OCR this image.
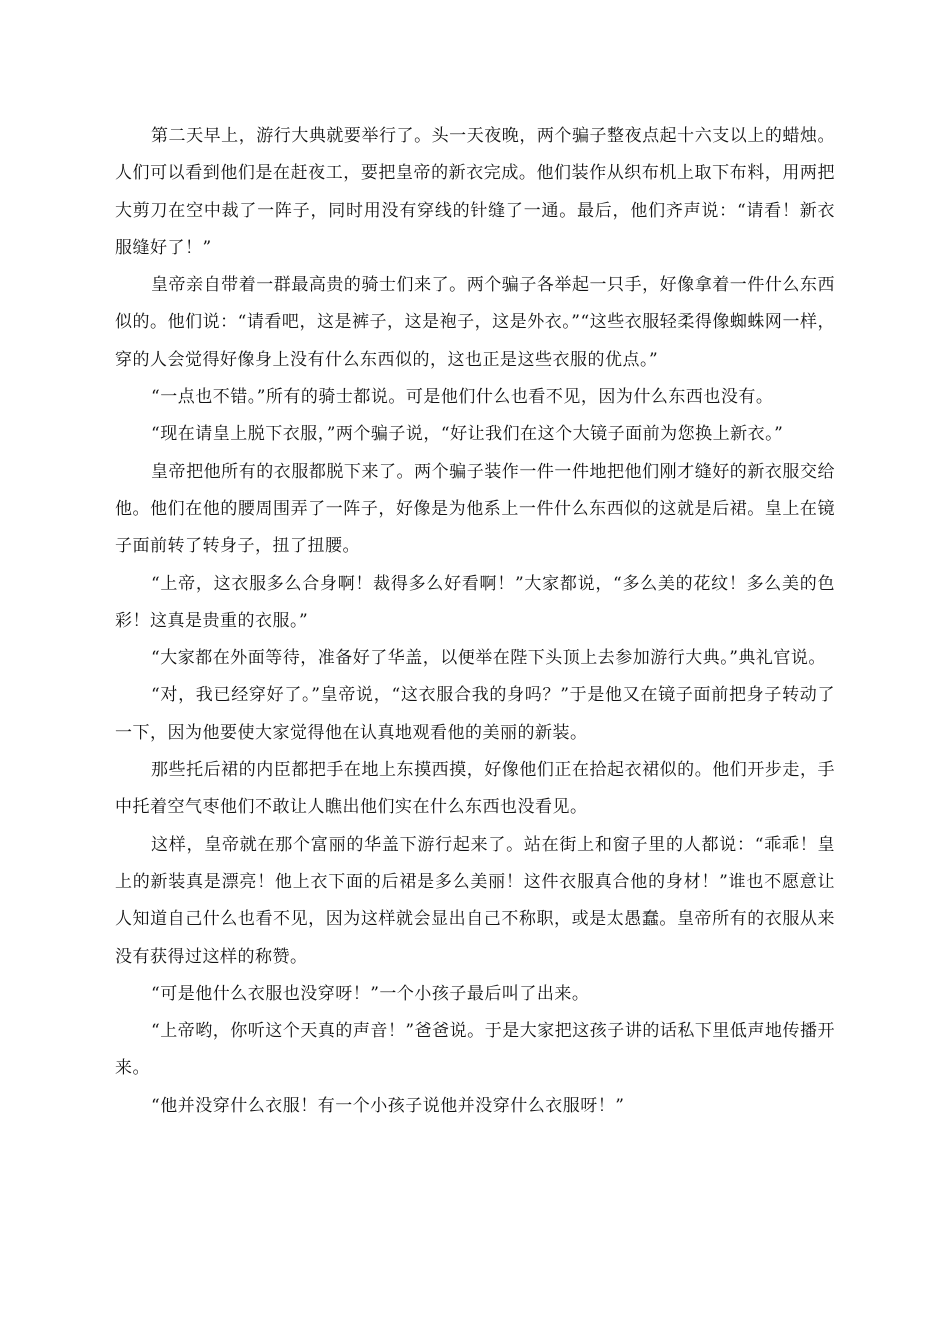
第二天早上，游行大典就要举行了。头一天夜晚，两个骗子整夜点起十六支以上的蜡烛。人们可以看到他们是在赶夜工，要把皇帝的新衣完成。他们装作从织布机上取下布料，用两把大剪刀在空中裁了一阵子，同时用没有穿线的针缝了一通。最后，他们齐声说：“请看！新衣服缝好了！”

皇帝亲自带着一群最高贵的骑士们来了。两个骗子各举起一只手，好像拿着一件什么东西似的。他们说：“请看吧，这是裤子，这是袍子，这是外衣。”“这些衣服轻柔得像蜘蛛网一样，穿的人会觉得好像身上没有什么东西似的，这也正是这些衣服的优点。”

“一点也不错。”所有的骑士都说。可是他们什么也看不见，因为什么东西也没有。

“现在请皇上脱下衣服，”两个骗子说，“好让我们在这个大镜子面前为您换上新衣。”

皇帝把他所有的衣服都脱下来了。两个骗子装作一件一件地把他们刚才缝好的新衣服交给他。他们在他的腰周围弄了一阵子，好像是为他系上一件什么东西似的这就是后裙。皇上在镜子面前转了转身子，扭了扭腰。

“上帝，这衣服多么合身啊！裁得多么好看啊！”大家都说，“多么美的花纹！多么美的色彩！这真是贵重的衣服。”

“大家都在外面等待，准备好了华盖，以便举在陛下头顶上去参加游行大典。”典礼官说。

“对，我已经穿好了。”皇帝说，“这衣服合我的身吗？”于是他又在镜子面前把身子转动了一下，因为他要使大家觉得他在认真地观看他的美丽的新装。

那些托后裙的内臣都把手在地上东摸西摸，好像他们正在拾起衣裙似的。他们开步走，手中托着空气枣他们不敢让人瞧出他们实在什么东西也没看见。

这样，皇帝就在那个富丽的华盖下游行起来了。站在街上和窗子里的人都说：“乖乖！皇上的新装真是漂亮！他上衣下面的后裙是多么美丽！这件衣服真合他的身材！”谁也不愿意让人知道自己什么也看不见，因为这样就会显出自己不称职，或是太愚蠢。皇帝所有的衣服从来没有获得过这样的称赞。

“可是他什么衣服也没穿呀！”一个小孩子最后叫了出来。

“上帝哟，你听这个天真的声音！”爸爸说。于是大家把这孩子讲的话私下里低声地传播开来。

“他并没穿什么衣服！有一个小孩子说他并没穿什么衣服呀！”
